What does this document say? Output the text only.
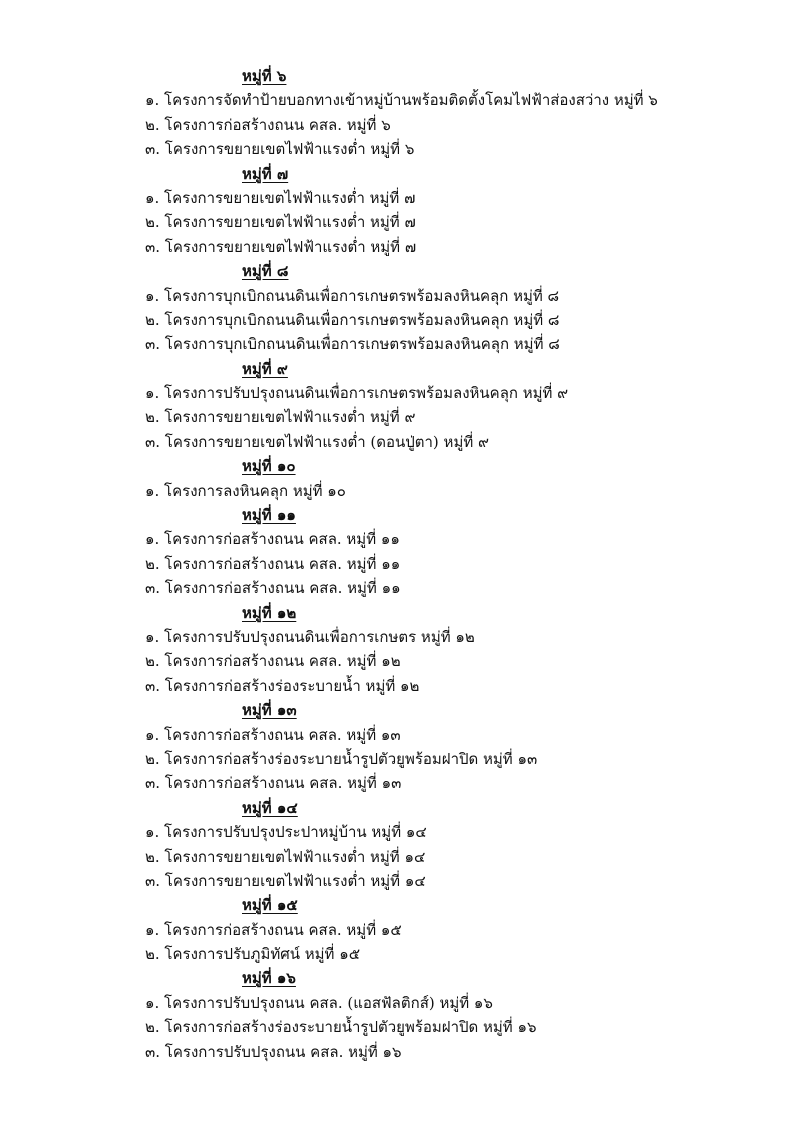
หมู่ที่ ๖
๑. โครงการจัดทำป้ายบอกทางเข้าหมู่บ้านพร้อมติดตั้งโคมไฟฟ้าส่องสว่าง หมู่ที่ ๖
๒. โครงการก่อสร้างถนน คสล. หมู่ที่ ๖
๓. โครงการขยายเขตไฟฟ้าแรงต่ำ หมู่ที่ ๖
หมู่ที่ ๗
๑. โครงการขยายเขตไฟฟ้าแรงต่ำ หมู่ที่ ๗
๒. โครงการขยายเขตไฟฟ้าแรงต่ำ หมู่ที่ ๗
๓. โครงการขยายเขตไฟฟ้าแรงต่ำ หมู่ที่ ๗
หมู่ที่ ๘
๑. โครงการบุกเบิกถนนดินเพื่อการเกษตรพร้อมลงหินคลุก หมู่ที่ ๘
๒. โครงการบุกเบิกถนนดินเพื่อการเกษตรพร้อมลงหินคลุก หมู่ที่ ๘
๓. โครงการบุกเบิกถนนดินเพื่อการเกษตรพร้อมลงหินคลุก หมู่ที่ ๘
หมู่ที่ ๙
๑. โครงการปรับปรุงถนนดินเพื่อการเกษตรพร้อมลงหินคลุก หมู่ที่ ๙
๒. โครงการขยายเขตไฟฟ้าแรงต่ำ หมู่ที่ ๙
๓. โครงการขยายเขตไฟฟ้าแรงต่ำ (ดอนปู่ตา) หมู่ที่ ๙
หมู่ที่ ๑๐
๑. โครงการลงหินคลุก หมู่ที่ ๑๐
หมู่ที่ ๑๑
๑. โครงการก่อสร้างถนน คสล. หมู่ที่ ๑๑
๒. โครงการก่อสร้างถนน คสล. หมู่ที่ ๑๑
๓. โครงการก่อสร้างถนน คสล. หมู่ที่ ๑๑
หมู่ที่ ๑๒
๑. โครงการปรับปรุงถนนดินเพื่อการเกษตร หมู่ที่ ๑๒
๒. โครงการก่อสร้างถนน คสล. หมู่ที่ ๑๒
๓. โครงการก่อสร้างร่องระบายน้ำ หมู่ที่ ๑๒
หมู่ที่ ๑๓
๑. โครงการก่อสร้างถนน คสล. หมู่ที่ ๑๓
๒. โครงการก่อสร้างร่องระบายน้ำรูปตัวยูพร้อมฝาปิด หมู่ที่ ๑๓
๓. โครงการก่อสร้างถนน คสล. หมู่ที่ ๑๓
หมู่ที่ ๑๔
๑. โครงการปรับปรุงประปาหมู่บ้าน หมู่ที่ ๑๔
๒. โครงการขยายเขตไฟฟ้าแรงต่ำ หมู่ที่ ๑๔
๓. โครงการขยายเขตไฟฟ้าแรงต่ำ หมู่ที่ ๑๔
หมู่ที่ ๑๕
๑. โครงการก่อสร้างถนน คสล. หมู่ที่ ๑๕
๒. โครงการปรับภูมิทัศน์ หมู่ที่ ๑๕
หมู่ที่ ๑๖
๑. โครงการปรับปรุงถนน คสล. (แอสฟัลติกส์) หมู่ที่ ๑๖
๒. โครงการก่อสร้างร่องระบายน้ำรูปตัวยูพร้อมฝาปิด หมู่ที่ ๑๖
๓. โครงการปรับปรุงถนน คสล. หมู่ที่ ๑๖
